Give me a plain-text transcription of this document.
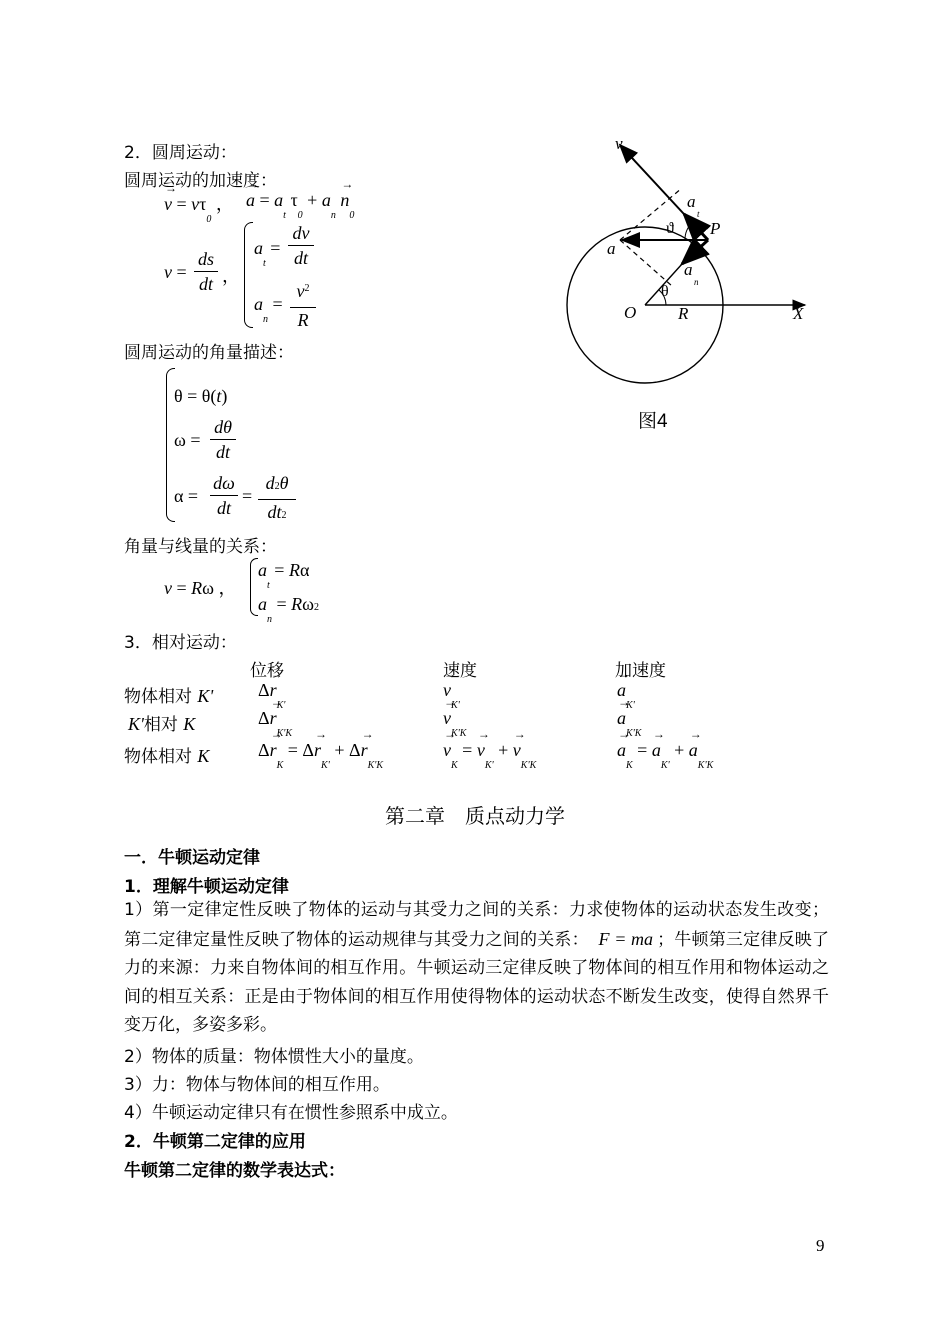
2．圆周运动：
圆周运动的加速度：
→ $v = v\tau_0$ ，
→ $a = a_t$ $\tau_0 + a_n \to n_0$
v =
ds
dt ，
$a_t$ =
dv
dt
$a_n$ =
$v^2$
R
圆周运动的角量描述：
θ = θ(t)
ω =
dθ
dt
α =
dω
dt
=
d2θ
dt2
角量与线量的关系：
v = Rω ，
$a_t = R\alpha$
$a_n = R\omega 2$
v
a
t
P
ϑ
a
a
n
θ
O R	X
图4
3．相对运动：
位移	速度	加速度
物体相对 K' $\Delta\to r_{K'}$
→ $v_{K'}$
→ $a_{K'}$
K'相对 K	$\Delta\to r_{K'K}$
→ $v_{K'K}$
→ $a_{K'K}$
物体相对 K	$\Delta\to r_K = \Delta\to r_{K'} + \Delta\to r_{K'K}$
→ $v_K$ = → $v_{K'}$ + → $v_{K'K}$
→ $a_K$ = → $a_{K'}$ + → $a_{K'K}$
第二章　质点动力学
一．牛顿运动定律
1．理解牛顿运动定律
1）第一定律定性反映了物体的运动与其受力之间的关系：力求使物体的运动状态发生改变；第二定律定量性反映了物体的运动规律与其受力之间的关系： F = ma ；牛顿第三定律反映了力的来源：力来自物体间的相互作用。牛顿运动三定律反映了物体间的相互作用和物体运动之间的相互关系：正是由于物体间的相互作用使得物体的运动状态不断发生改变，使得自然界千变万化，多姿多彩。
2）物体的质量：物体惯性大小的量度。
3）力：物体与物体间的相互作用。
4）牛顿运动定律只有在惯性参照系中成立。
2．牛顿第二定律的应用
牛顿第二定律的数学表达式：
9
